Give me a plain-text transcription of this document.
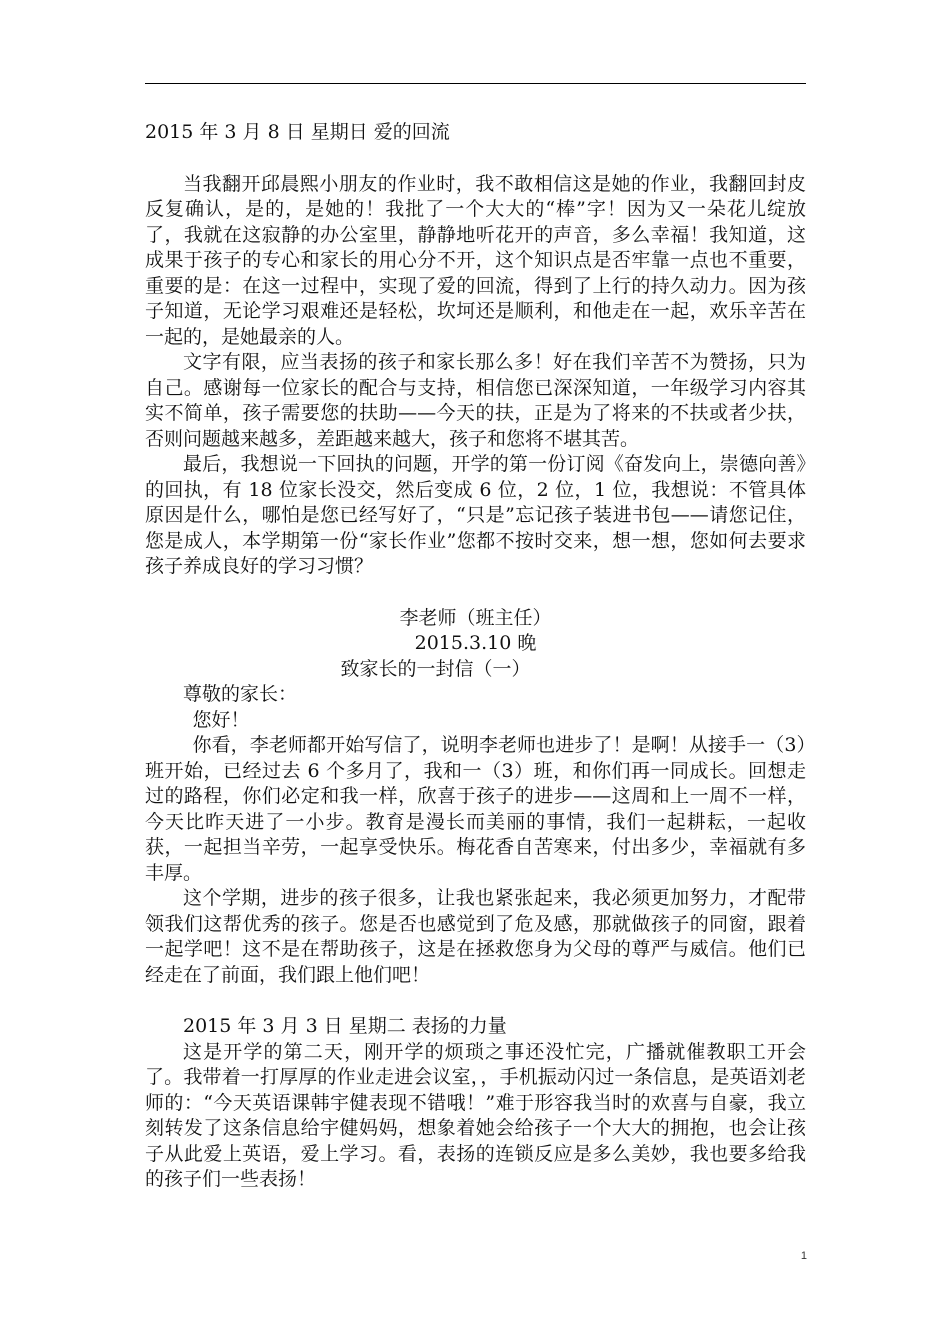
2015 年 3 月 8 日 星期日 爱的回流

当我翻开邱晨熙小朋友的作业时，我不敢相信这是她的作业，我翻回封皮反复确认，是的，是她的！我批了一个大大的“棒”字！因为又一朵花儿绽放了，我就在这寂静的办公室里，静静地听花开的声音，多么幸福！我知道，这成果于孩子的专心和家长的用心分不开，这个知识点是否牢靠一点也不重要，重要的是：在这一过程中，实现了爱的回流，得到了上行的持久动力。因为孩子知道，无论学习艰难还是轻松，坎坷还是顺利，和他走在一起，欢乐辛苦在一起的，是她最亲的人。

文字有限，应当表扬的孩子和家长那么多！好在我们辛苦不为赞扬，只为自己。感谢每一位家长的配合与支持，相信您已深深知道，一年级学习内容其实不简单，孩子需要您的扶助——今天的扶，正是为了将来的不扶或者少扶，否则问题越来越多，差距越来越大，孩子和您将不堪其苦。

最后，我想说一下回执的问题，开学的第一份订阅《奋发向上，崇德向善》的回执，有 18 位家长没交，然后变成 6 位，2 位，1 位，我想说：不管具体原因是什么，哪怕是您已经写好了，“只是”忘记孩子装进书包——请您记住，您是成人，本学期第一份“家长作业”您都不按时交来，想一想，您如何去要求孩子养成良好的学习习惯？

李老师（班主任）

2015.3.10 晚

致家长的一封信（一）

尊敬的家长：

您好！

你看，李老师都开始写信了，说明李老师也进步了！是啊！从接手一（3）班开始，已经过去 6 个多月了，我和一（3）班，和你们再一同成长。回想走过的路程，你们必定和我一样，欣喜于孩子的进步——这周和上一周不一样，今天比昨天进了一小步。教育是漫长而美丽的事情，我们一起耕耘，一起收获，一起担当辛劳，一起享受快乐。梅花香自苦寒来，付出多少，幸福就有多丰厚。

这个学期，进步的孩子很多，让我也紧张起来，我必须更加努力，才配带领我们这帮优秀的孩子。您是否也感觉到了危及感，那就做孩子的同窗，跟着一起学吧！这不是在帮助孩子，这是在拯救您身为父母的尊严与威信。他们已经走在了前面，我们跟上他们吧！

2015 年 3 月 3 日 星期二 表扬的力量

这是开学的第二天，刚开学的烦琐之事还没忙完，广播就催教职工开会了。我带着一打厚厚的作业走进会议室，，手机振动闪过一条信息，是英语刘老师的：“今天英语课韩宇健表现不错哦！”难于形容我当时的欢喜与自豪，我立刻转发了这条信息给宇健妈妈，想象着她会给孩子一个大大的拥抱，也会让孩子从此爱上英语，爱上学习。看，表扬的连锁反应是多么美妙，我也要多给我的孩子们一些表扬！

1
